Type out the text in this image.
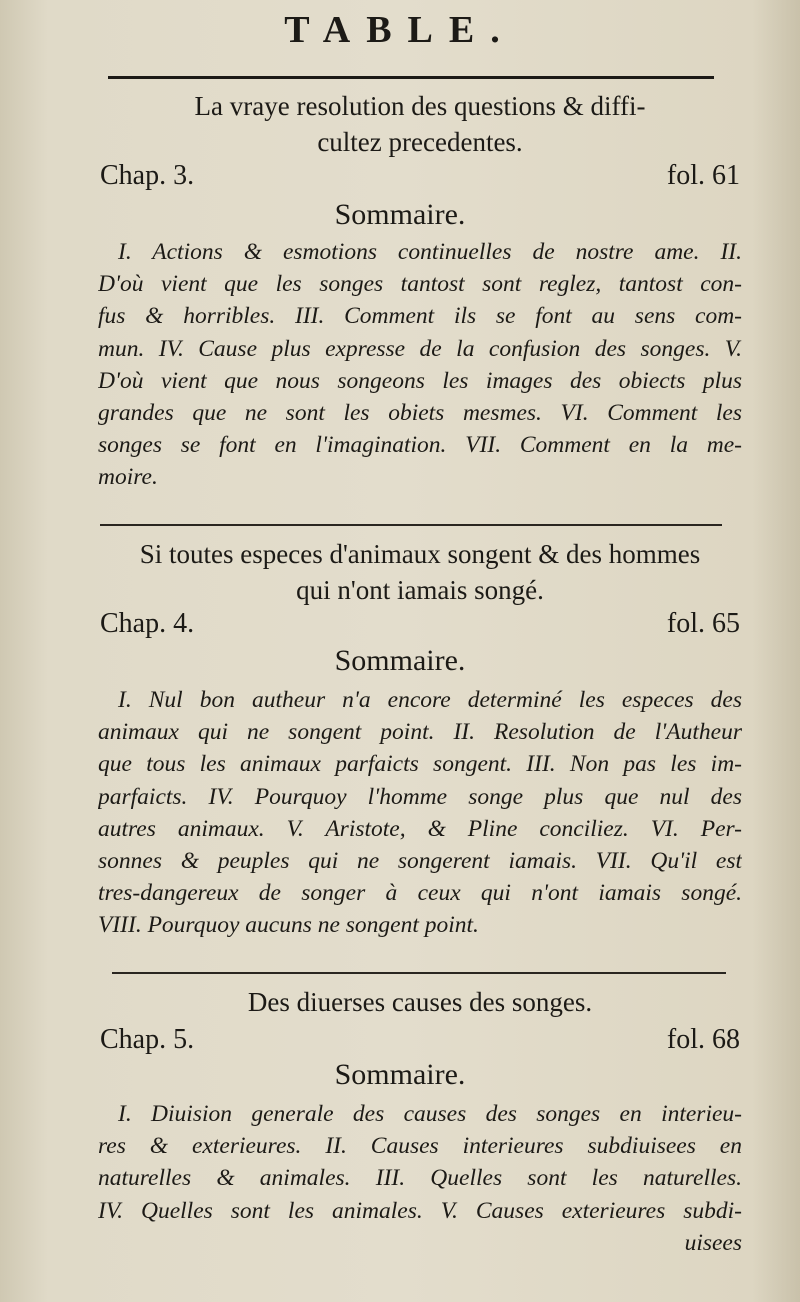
TABLE.
La vraye resolution des questions & diffi-
cultez precedentes.
Chap. 3.	fol. 61
Sommaire.
I. Actions & esmotions continuelles de nostre ame. II.
D'où vient que les songes tantost sont reglez, tantost con-
fus & horribles. III. Comment ils se font au sens com-
mun. IV. Cause plus expresse de la confusion des songes. V.
D'où vient que nous songeons les images des obiects plus
grandes que ne sont les obiets mesmes. VI. Comment les
songes se font en l'imagination. VII. Comment en la me-
moire.
Si toutes especes d'animaux songent & des hommes
qui n'ont iamais songé.
Chap. 4.	fol. 65
Sommaire.
I. Nul bon autheur n'a encore determiné les especes des
animaux qui ne songent point. II. Resolution de l'Autheur
que tous les animaux parfaicts songent. III. Non pas les im-
parfaicts. IV. Pourquoy l'homme songe plus que nul des
autres animaux. V. Aristote, & Pline conciliez. VI. Per-
sonnes & peuples qui ne songerent iamais. VII. Qu'il est
tres-dangereux de songer à ceux qui n'ont iamais songé.
VIII. Pourquoy aucuns ne songent point.
Des diuerses causes des songes.
Chap. 5.	fol. 68
Sommaire.
I. Diuision generale des causes des songes en interieu-
res & exterieures. II. Causes interieures subdiuisees en
naturelles & animales. III. Quelles sont les naturelles.
IV. Quelles sont les animales. V. Causes exterieures subdi-
uisees
